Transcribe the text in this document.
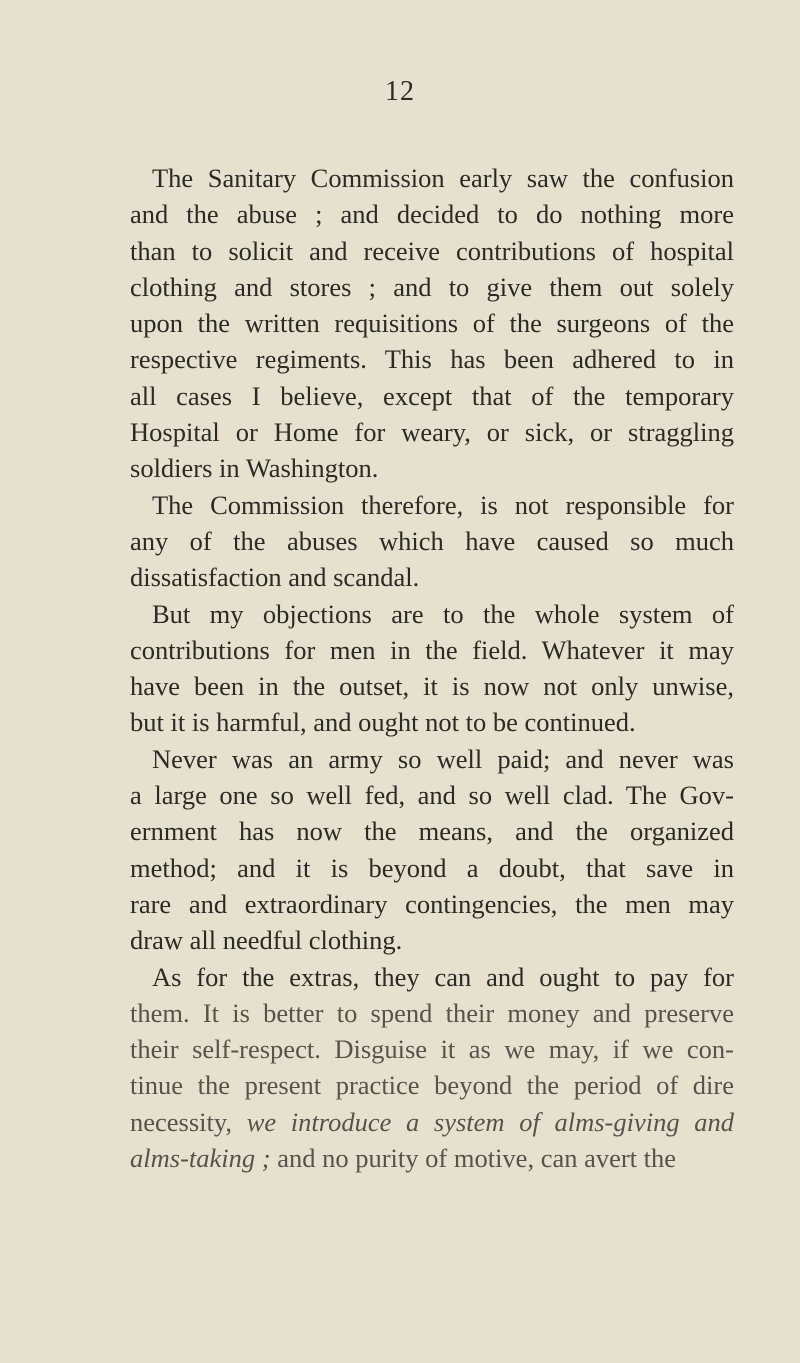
12
The Sanitary Commission early saw the confusion
and the abuse ; and decided to do nothing more
than to solicit and receive contributions of hospital
clothing and stores ; and to give them out solely
upon the written requisitions of the surgeons of the
respective regiments. This has been adhered to in
all cases I believe, except that of the temporary
Hospital or Home for weary, or sick, or straggling
soldiers in Washington.
The Commission therefore, is not responsible for
any of the abuses which have caused so much
dissatisfaction and scandal.
But my objections are to the whole system of
contributions for men in the field. Whatever it may
have been in the outset, it is now not only unwise,
but it is harmful, and ought not to be continued.
Never was an army so well paid; and never was
a large one so well fed, and so well clad. The Gov-
ernment has now the means, and the organized
method; and it is beyond a doubt, that save in
rare and extraordinary contingencies, the men may
draw all needful clothing.
As for the extras, they can and ought to pay for
them. It is better to spend their money and preserve
their self-respect. Disguise it as we may, if we con-
tinue the present practice beyond the period of dire
necessity, we introduce a system of alms-giving and
alms-taking ; and no purity of motive, can avert the
